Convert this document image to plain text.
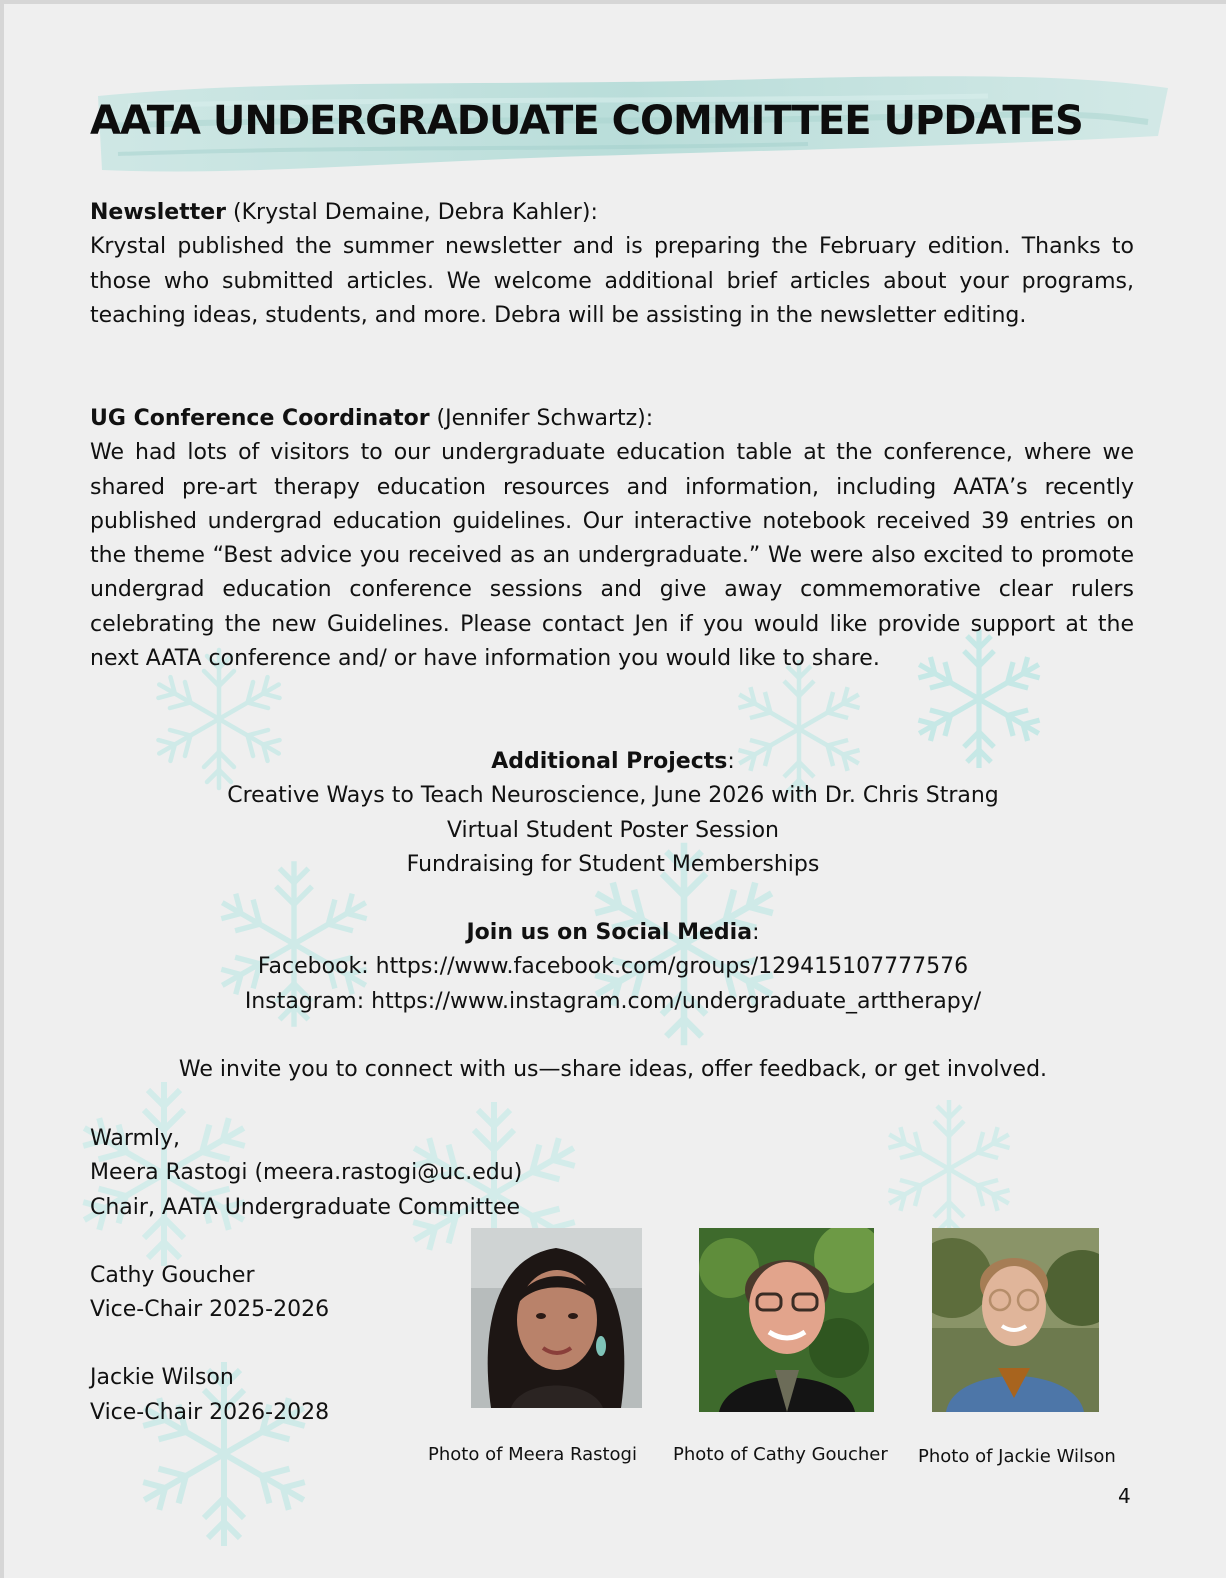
AATA UNDERGRADUATE COMMITTEE UPDATES

Newsletter (Krystal Demaine, Debra Kahler):

Krystal published the summer newsletter and is preparing the February edition. Thanks to those who submitted articles. We welcome additional brief articles about your programs, teaching ideas, students, and more. Debra will be assisting in the newsletter editing.

UG Conference Coordinator (Jennifer Schwartz):

We had lots of visitors to our undergraduate education table at the conference, where we shared pre-art therapy education resources and information, including AATA’s recently published undergrad education guidelines. Our interactive notebook received 39 entries on the theme “Best advice you received as an undergraduate.” We were also excited to promote undergrad education conference sessions and give away commemorative clear rulers celebrating the new Guidelines. Please contact Jen if you would like provide support at the next AATA conference and/ or have information you would like to share.

Additional Projects:
Creative Ways to Teach Neuroscience, June 2026 with Dr. Chris Strang
Virtual Student Poster Session
Fundraising for Student Memberships
Join us on Social Media:
Facebook: https://www.facebook.com/groups/129415107777576
Instagram: https://www.instagram.com/undergraduate_arttherapy/
We invite you to connect with us—share ideas, offer feedback, or get involved.
Warmly,
Meera Rastogi (meera.rastogi@uc.edu)
Chair, AATA Undergraduate Committee
Cathy Goucher
Vice-Chair 2025-2026
Jackie Wilson
Vice-Chair 2026-2028
Photo of Meera Rastogi Photo of Cathy Goucher Photo of Jackie Wilson
4
